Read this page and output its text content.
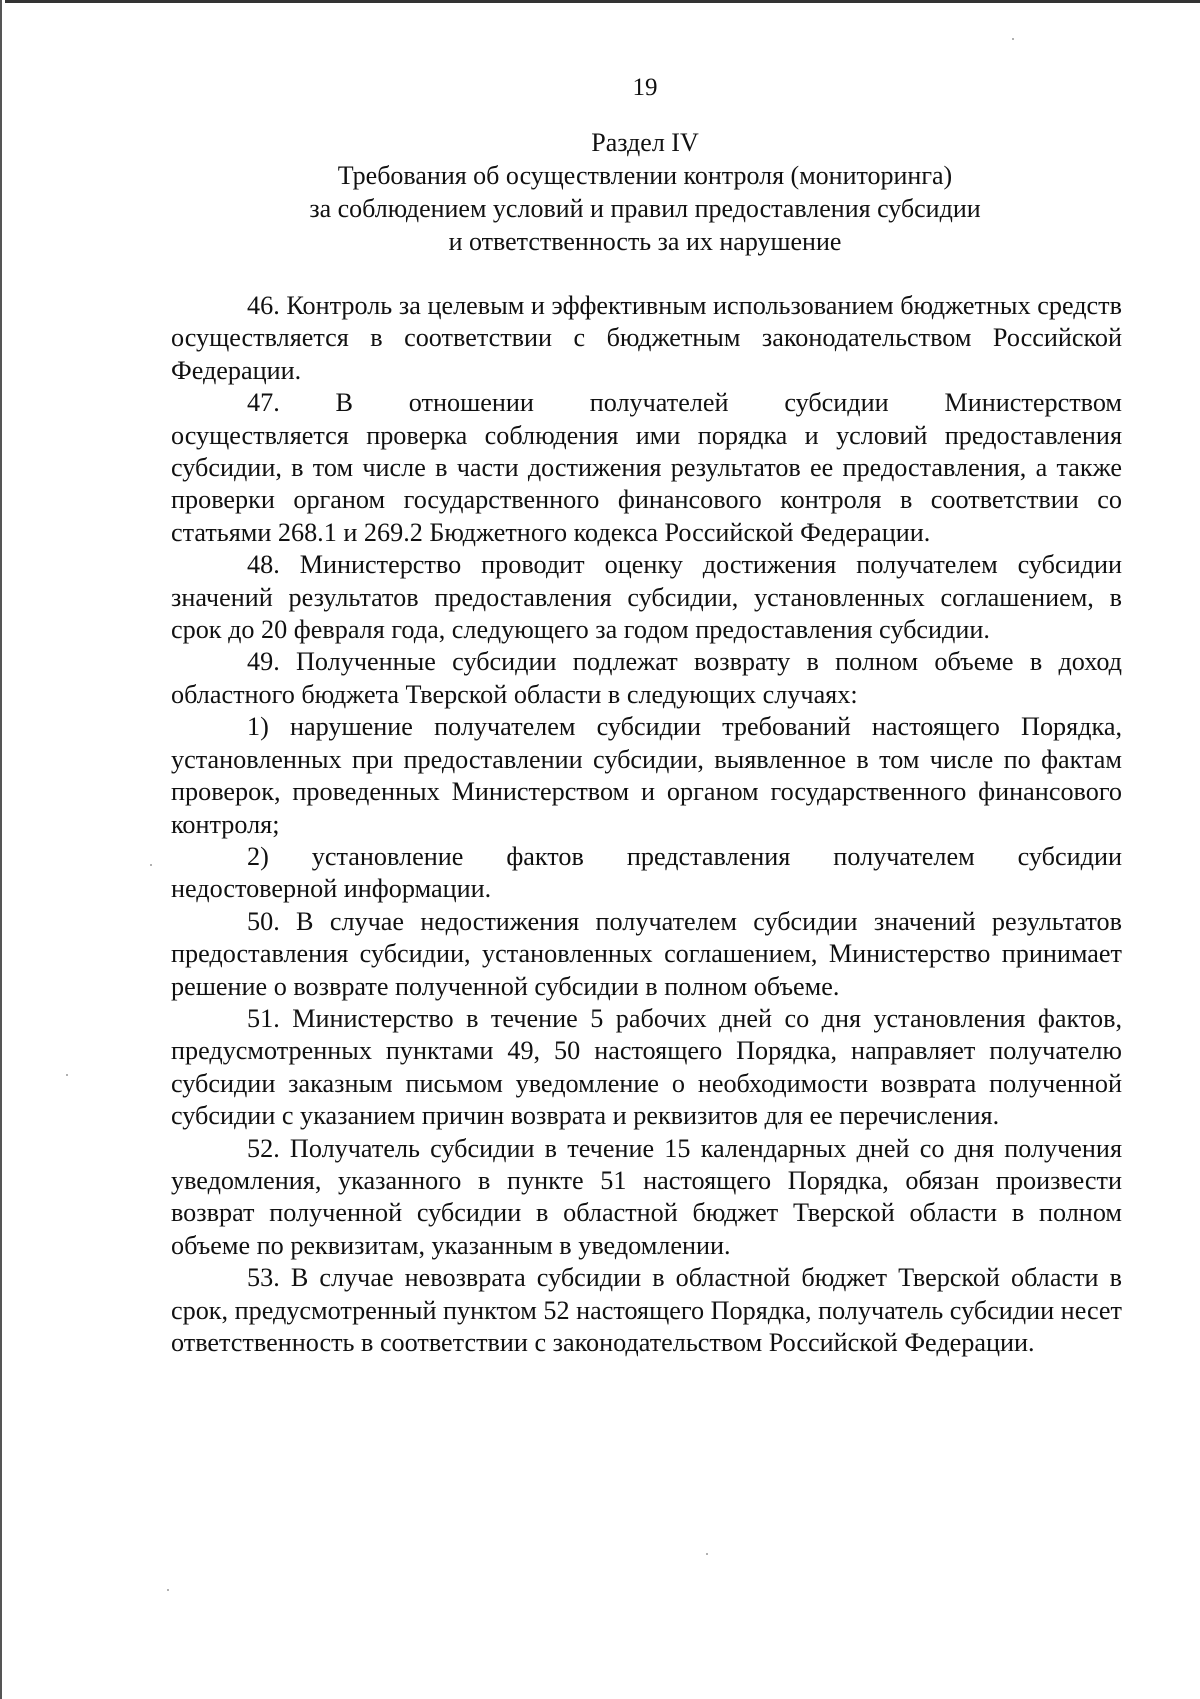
19
Раздел IV
Требования об осуществлении контроля (мониторинга)
за соблюдением условий и правил предоставления субсидии
и ответственность за их нарушение

46. Контроль за целевым и эффективным использованием бюджетных средств осуществляется в соответствии с бюджетным законодательством Российской Федерации.

47. В отношении получателей субсидии Министерством

осуществляется проверка соблюдения ими порядка и условий предоставления субсидии, в том числе в части достижения результатов ее предоставления, а также проверки органом государственного финансового контроля в соответствии со статьями 268.1 и 269.2 Бюджетного кодекса Российской Федерации.

48. Министерство проводит оценку достижения получателем субсидии значений результатов предоставления субсидии, установленных соглашением, в срок до 20 февраля года, следующего за годом предоставления субсидии.

49. Полученные субсидии подлежат возврату в полном объеме в доход областного бюджета Тверской области в следующих случаях:

1) нарушение получателем субсидии требований настоящего Порядка, установленных при предоставлении субсидии, выявленное в том числе по фактам проверок, проведенных Министерством и органом государственного финансового контроля;

2) установление фактов представления получателем субсидии

недостоверной информации.

50. В случае недостижения получателем субсидии значений результатов предоставления субсидии, установленных соглашением, Министерство принимает решение о возврате полученной субсидии в полном объеме.

51. Министерство в течение 5 рабочих дней со дня установления фактов, предусмотренных пунктами 49, 50 настоящего Порядка, направляет получателю субсидии заказным письмом уведомление о необходимости возврата полученной субсидии с указанием причин возврата и реквизитов для ее перечисления.

52. Получатель субсидии в течение 15 календарных дней со дня получения уведомления, указанного в пункте 51 настоящего Порядка, обязан произвести возврат полученной субсидии в областной бюджет Тверской области в полном объеме по реквизитам, указанным в уведомлении.

53. В случае невозврата субсидии в областной бюджет Тверской области в срок, предусмотренный пунктом 52 настоящего Порядка, получатель субсидии несет ответственность в соответствии с законодательством Российской Федерации.
